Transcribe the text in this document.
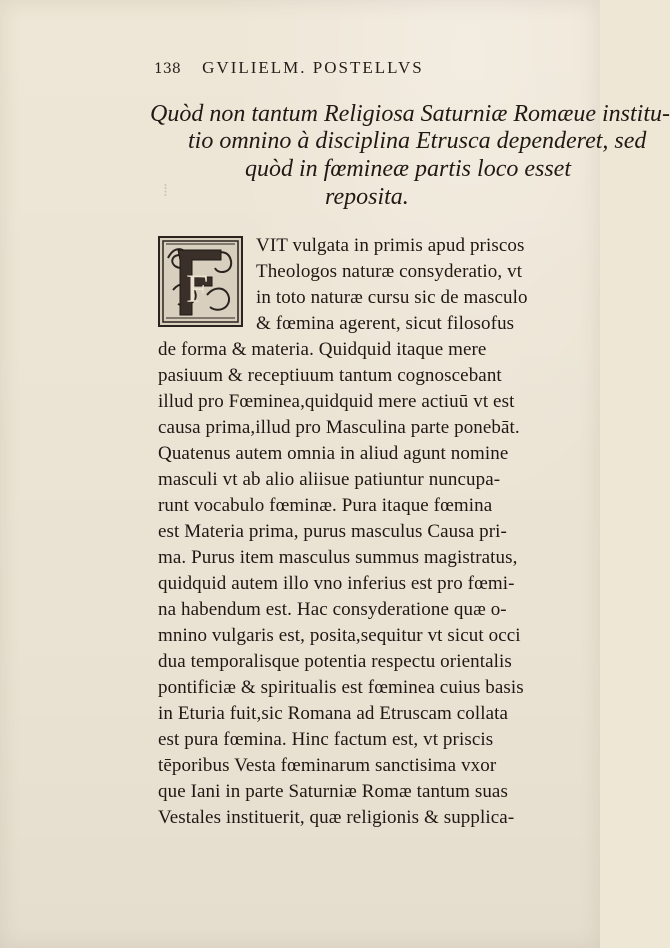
138 GVILIELM. POSTELLVS
Quòd non tantum Religiosa Saturniæ Romæue institu-
tio omnino à disciplina Etrusca dependeret, sed
quòd in fœmineæ partis loco esset
reposita.
⁞
F
VIT vulgata in primis apud priscos
Theologos naturæ consyderatio, vt
in toto naturæ cursu sic de masculo
& fœmina agerent, sicut filosofus
de forma & materia. Quidquid itaque mere
pasiuum & receptiuum tantum cognoscebant
illud pro Fœminea,quidquid mere actiuū vt est
causa prima,illud pro Masculina parte ponebāt.
Quatenus autem omnia in aliud agunt nomine
masculi vt ab alio aliisue patiuntur nuncupa-
runt vocabulo fœminæ. Pura itaque fœmina
est Materia prima, purus masculus Causa pri-
ma. Purus item masculus summus magistratus,
quidquid autem illo vno inferius est pro fœmi-
na habendum est. Hac consyderatione quæ o-
mnino vulgaris est, posita,sequitur vt sicut occi
dua temporalisque potentia respectu orientalis
pontificiæ & spiritualis est fœminea cuius basis
in Eturia fuit,sic Romana ad Etruscam collata
est pura fœmina. Hinc factum est, vt priscis
tēporibus Vesta fœminarum sanctisima vxor
que Iani in parte Saturniæ Romæ tantum suas
Vestales instituerit, quæ religionis & supplica-
